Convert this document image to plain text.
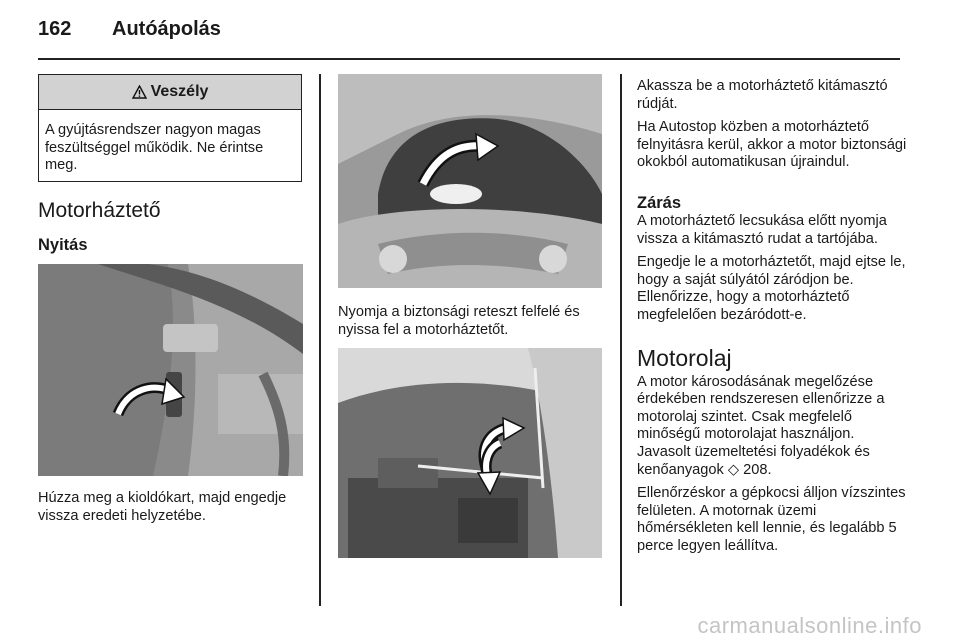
162 Autóápolás
Veszély
A gyújtásrendszer nagyon magas feszültséggel működik. Ne érintse meg.
Motorháztető
Nyitás

Húzza meg a kioldókart, majd engedje vissza eredeti helyzetébe.

Nyomja a biztonsági reteszt felfelé és nyissa fel a motorháztetőt.

Akassza be a motorháztető kitámasztó rúdját.

Ha Autostop közben a motorháztető felnyitásra kerül, akkor a motor biztonsági okokból automatikusan újraindul.

Zárás

A motorháztető lecsukása előtt nyomja vissza a kitámasztó rudat a tartójába.

Engedje le a motorháztetőt, majd ejtse le, hogy a saját súlyától záródjon be. Ellenőrizze, hogy a motorháztető megfelelően bezáródott-e.

Motorolaj

A motor károsodásának megelőzése érdekében rendszeresen ellenőrizze a motorolaj szintet. Csak megfelelő minőségű motorolajat használjon. Javasolt üzemeltetési folyadékok és kenőanyagok ◇ 208.

Ellenőrzéskor a gépkocsi álljon vízszintes felületen. A motornak üzemi hőmérsékleten kell lennie, és legalább 5 perce legyen leállítva.

carmanualsonline.info
